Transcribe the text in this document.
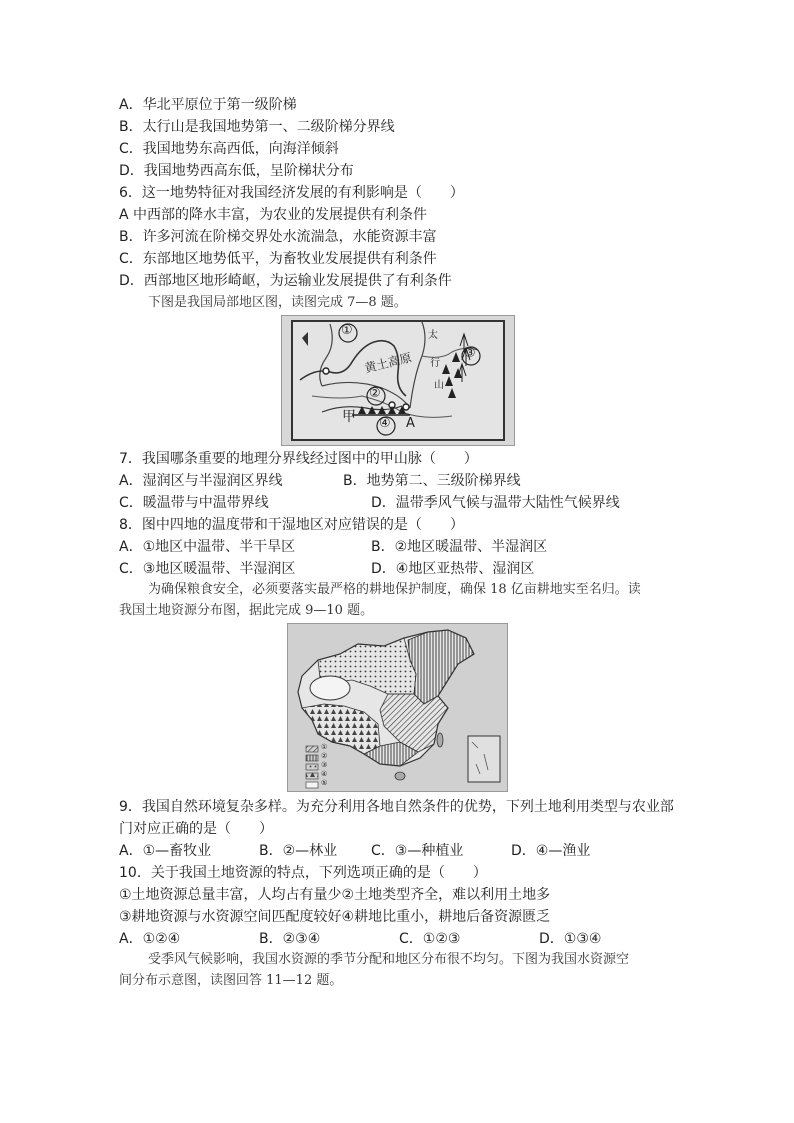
A．华北平原位于第一级阶梯
B．太行山是我国地势第一、二级阶梯分界线
C．我国地势东高西低，向海洋倾斜
D．我国地势西高东低，呈阶梯状分布
6．这一地势特征对我国经济发展的有利影响是（　　）
A 中西部的降水丰富，为农业的发展提供有利条件
B．许多河流在阶梯交界处水流湍急，水能资源丰富
C．东部地区地势低平，为畜牧业发展提供有利条件
D．西部地区地形崎岖，为运输业发展提供了有利条件
下图是我国局部地区图，读图完成 7—8 题。
①
②
③
④
黄土高原
甲	A
太
行
山
7．我国哪条重要的地理分界线经过图中的甲山脉（　　）
A．湿润区与半湿润区界线	B．地势第二、三级阶梯界线
C．暖温带与中温带界线	D．温带季风气候与温带大陆性气候界线
8．图中四地的温度带和干湿地区对应错误的是（　　）
A．①地区中温带、半干旱区	B．②地区暖温带、半湿润区
C．③地区暖温带、半湿润区	D．④地区亚热带、湿润区
为确保粮食安全，必须要落实最严格的耕地保护制度，确保 18 亿亩耕地实至名归。读
我国土地资源分布图，据此完成 9—10 题。
①
②
③
④
⑤
9．我国自然环境复杂多样。为充分利用各地自然条件的优势，下列土地利用类型与农业部
门对应正确的是（　　）
A．①—畜牧业	B．②—林业 C．③—种植业	D．④—渔业
10．关于我国土地资源的特点，下列选项正确的是（　　）
①土地资源总量丰富，人均占有量少②土地类型齐全，难以利用土地多
③耕地资源与水资源空间匹配度较好④耕地比重小，耕地后备资源匮乏
A．①②④	B．②③④	C．①②③	D．①③④
受季风气候影响，我国水资源的季节分配和地区分布很不均匀。下图为我国水资源空
间分布示意图，读图回答 11—12 题。
